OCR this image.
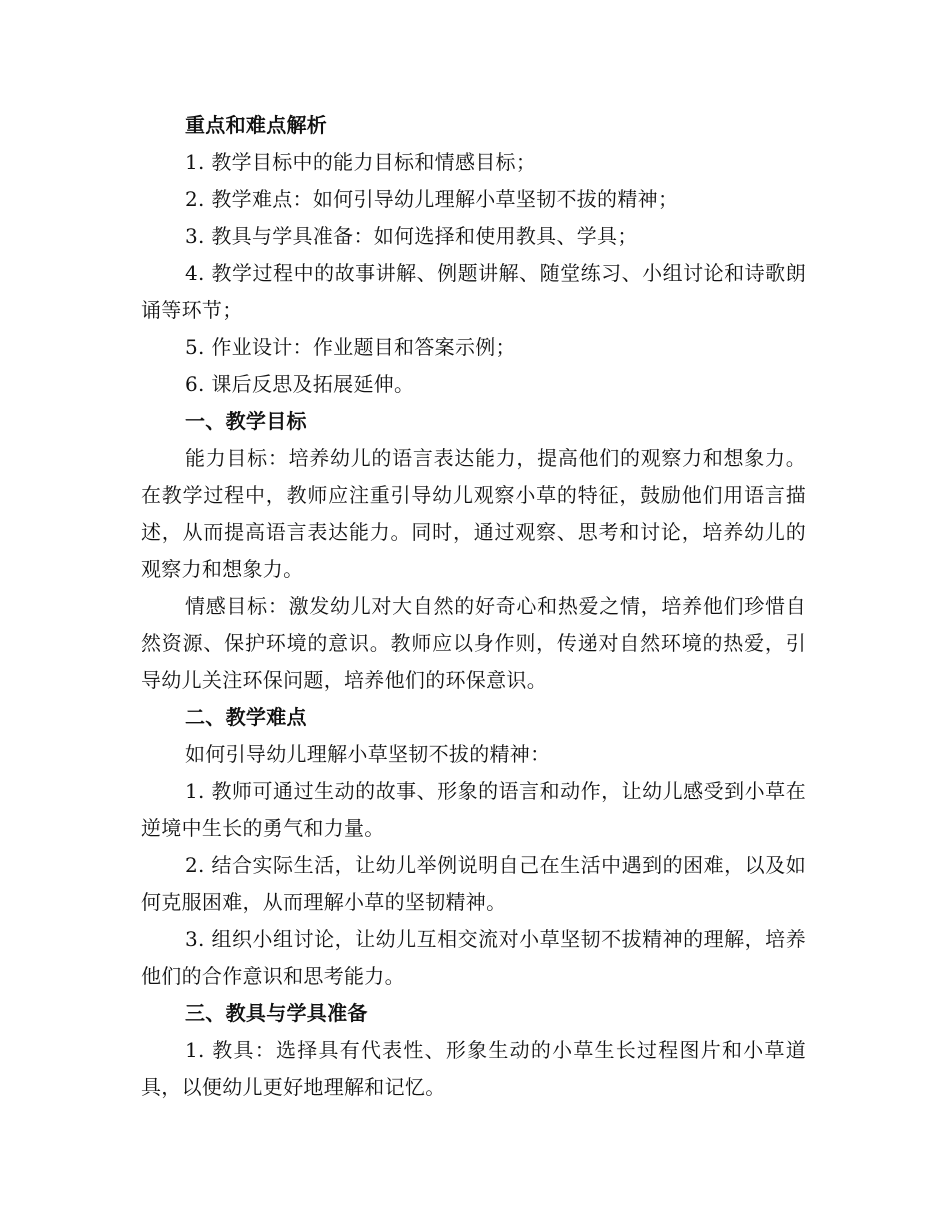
重点和难点解析

1. 教学目标中的能力目标和情感目标；

2. 教学难点：如何引导幼儿理解小草坚韧不拔的精神；

3. 教具与学具准备：如何选择和使用教具、学具；

4. 教学过程中的故事讲解、例题讲解、随堂练习、小组讨论和诗歌朗诵等环节；

5. 作业设计：作业题目和答案示例；

6. 课后反思及拓展延伸。

一、教学目标

能力目标：培养幼儿的语言表达能力，提高他们的观察力和想象力。在教学过程中，教师应注重引导幼儿观察小草的特征，鼓励他们用语言描述，从而提高语言表达能力。同时，通过观察、思考和讨论，培养幼儿的观察力和想象力。

情感目标：激发幼儿对大自然的好奇心和热爱之情，培养他们珍惜自然资源、保护环境的意识。教师应以身作则，传递对自然环境的热爱，引导幼儿关注环保问题，培养他们的环保意识。

二、教学难点

如何引导幼儿理解小草坚韧不拔的精神：

1. 教师可通过生动的故事、形象的语言和动作，让幼儿感受到小草在逆境中生长的勇气和力量。

2. 结合实际生活，让幼儿举例说明自己在生活中遇到的困难，以及如何克服困难，从而理解小草的坚韧精神。

3. 组织小组讨论，让幼儿互相交流对小草坚韧不拔精神的理解，培养他们的合作意识和思考能力。

三、教具与学具准备

1. 教具：选择具有代表性、形象生动的小草生长过程图片和小草道具，以便幼儿更好地理解和记忆。
